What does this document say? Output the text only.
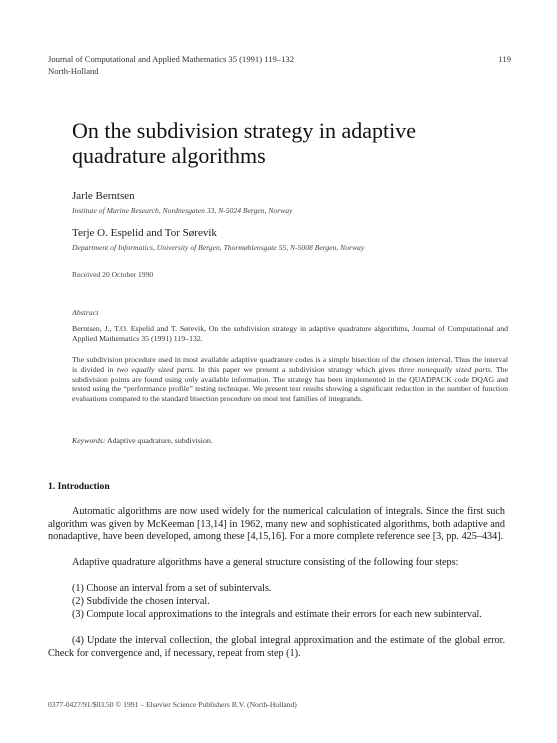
Journal of Computational and Applied Mathematics 35 (1991) 119–132
North-Holland
119
On the subdivision strategy in adaptive quadrature algorithms
Jarle Berntsen
Institute of Marine Research, Nordnesgaten 33, N-5024 Bergen, Norway
Terje O. Espelid and Tor Sørevik
Department of Informatics, University of Bergen, Thormøhlensgate 55, N-5008 Bergen, Norway
Received 20 October 1990
Abstract
Berntsen, J., T.O. Espelid and T. Sørevik, On the subdivision strategy in adaptive quadrature algorithms, Journal of Computational and Applied Mathematics 35 (1991) 119–132.
The subdivision procedure used in most available adaptive quadrature codes is a simple bisection of the chosen interval. Thus the interval is divided in two equally sized parts. In this paper we present a subdivision strategy which gives three nonequally sized parts. The subdivision points are found using only available information. The strategy has been implemented in the QUADPACK code DQAG and tested using the “performance profile” testing technique. We present test results showing a significant reduction in the number of function evaluations compared to the standard bisection procedure on most test families of integrands.
Keywords: Adaptive quadrature, subdivision.
1. Introduction
Automatic algorithms are now used widely for the numerical calculation of integrals. Since the first such algorithm was given by McKeeman [13,14] in 1962, many new and sophisticated algorithms, both adaptive and nonadaptive, have been developed, among these [4,15,16]. For a more complete reference see [3, pp. 425–434].
Adaptive quadrature algorithms have a general structure consisting of the following four steps:
(1) Choose an interval from a set of subintervals.
(2) Subdivide the chosen interval.
(3) Compute local approximations to the integrals and estimate their errors for each new subinterval.
(4) Update the interval collection, the global integral approximation and the estimate of the global error. Check for convergence and, if necessary, repeat from step (1).
0377-0427/91/$03.50 © 1991 – Elsevier Science Publishers B.V. (North-Holland)
